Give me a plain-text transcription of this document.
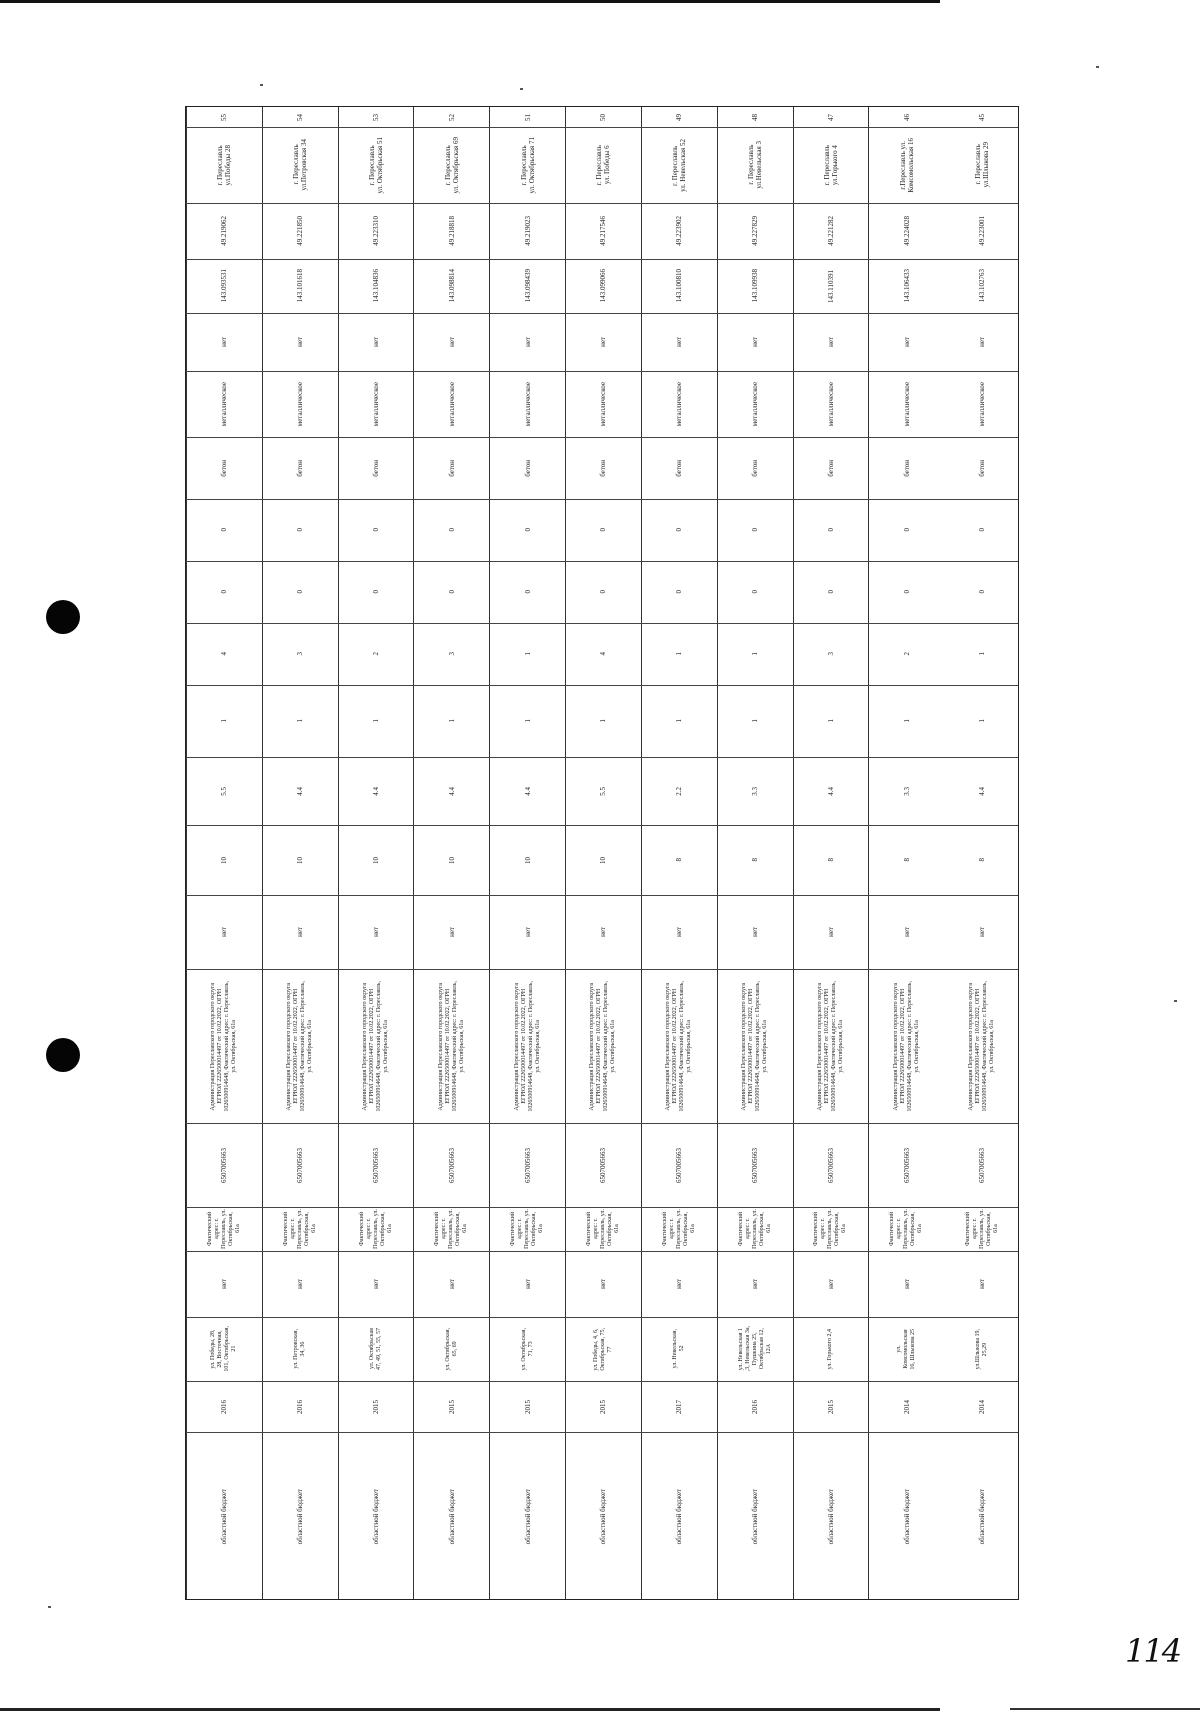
45
г. Переславль
ул.Шлыкова 29
49.223001
143.102763
нет
металлическое
бетон
0
0
1
1
4.4
8
нет
Администрация Переславского городского округа
ЕГРЮЛ 2226500014497 от 10.02.2022, ОГРН
1026500914648, Фактический адрес: г. Переславль,
ул. Октябрьская, 61а
6507005663
Фактический
адрес: г.
Переславль, ул.
Октябрьская,
61а
нет
ул.Шлыкова 19,
25,29
2014
областной бюджет
46
г.Переславль ул.
Комсомольская 16
49.224028
143.106433
нет
металлическое
бетон
0
0
2
1
3.3
8
нет
Администрация Переславского городского округа
ЕГРЮЛ 2226500014497 от 10.02.2022, ОГРН
1026500914648, Фактический адрес: г. Переславль,
ул. Октябрьская, 61а
6507005663
Фактический
адрес: г.
Переславль, ул.
Октябрьская,
61а
нет
ул.
Комсомольская
16, Шлыкова 25
2014
областной бюджет
47
г. Переславль
ул.Горького 4
49.221282
143.110391
нет
металлическое
бетон
0
0
3
1
4.4
8
нет
Администрация Переславского городского округа
ЕГРЮЛ 2226500014497 от 10.02.2022, ОГРН
1026500914648, Фактический адрес: г. Переславль,
ул. Октябрьская, 61а
6507005663
Фактический
адрес: г.
Переславль, ул.
Октябрьская,
61а
нет
ул. Горького 2,4
2015
областной бюджет
48
г. Переславль
ул.Невельская 3
49.227829
143.109938
нет
металлическое
бетон
0
0
1
1
3.3
8
нет
Администрация Переславского городского округа
ЕГРЮЛ 2226500014497 от 10.02.2022, ОГРН
1026500914648, Фактический адрес: г. Переславль,
ул. Октябрьская, 61а
6507005663
Фактический
адрес: г.
Переславль, ул.
Октябрьская,
61а
нет
ул. Невельская 1
,3, Невельская 3а,
Пушкина 25,
Октябрьская 12,
12А
2016
областной бюджет
49
г. Переславль
ул. Невельская 52
49.223902
143.100810
нет
металлическое
бетон
0
0
1
1
2.2
8
нет
Администрация Переславского городского округа
ЕГРЮЛ 2226500014497 от 10.02.2022, ОГРН
1026500914648, Фактический адрес: г. Переславль,
ул. Октябрьская, 61а
6507005663
Фактический
адрес: г.
Переславль, ул.
Октябрьская,
61а
нет
ул. Невельская,
52
2017
областной бюджет
50
г. Переславль
ул. Победы 6
49.217546
143.099066
нет
металлическое
бетон
0
0
4
1
5.5
10
нет
Администрация Переславского городского округа
ЕГРЮЛ 2226500014497 от 10.02.2022, ОГРН
1026500914648, Фактический адрес: г. Переславль,
ул. Октябрьская, 61а
6507005663
Фактический
адрес: г.
Переславль, ул.
Октябрьская,
61а
нет
ул. Победы, 4, 6,
Октябрьская, 75,
77
2015
областной бюджет
51
г. Переславль
ул. Октябрьская 71
49.219023
143.098439
нет
металлическое
бетон
0
0
1
1
4.4
10
нет
Администрация Переславского городского округа
ЕГРЮЛ 2226500014497 от 10.02.2022, ОГРН
1026500914648, Фактический адрес: г. Переславль,
ул. Октябрьская, 61а
6507005663
Фактический
адрес: г.
Переславль, ул.
Октябрьская,
61а
нет
ул. Октябрьская,
71, 73
2015
областной бюджет
52
г. Переславль
ул. Октябрьская 69
49.218818
143.098814
нет
металлическое
бетон
0
0
3
1
4.4
10
нет
Администрация Переславского городского округа
ЕГРЮЛ 2226500014497 от 10.02.2022, ОГРН
1026500914648, Фактический адрес: г. Переславль,
ул. Октябрьская, 61а
6507005663
Фактический
адрес: г.
Переславль, ул.
Октябрьская,
61а
нет
ул. Октябрьская,
65, 69
2015
областной бюджет
53
г. Переславль
ул. Октябрьская 51
49.223310
143.104836
нет
металлическое
бетон
0
0
2
1
4.4
10
нет
Администрация Переславского городского округа
ЕГРЮЛ 2226500014497 от 10.02.2022, ОГРН
1026500914648, Фактический адрес: г. Переславль,
ул. Октябрьская, 61а
6507005663
Фактический
адрес: г.
Переславль, ул.
Октябрьская,
61а
нет
ул. Октябрьская
47, 49, 51, 55, 57
2015
областной бюджет
54
г. Переславль
ул.Петровская 34
49.221850
143.101618
нет
металлическое
бетон
0
0
3
1
4.4
10
нет
Администрация Переславского городского округа
ЕГРЮЛ 2226500014497 от 10.02.2022, ОГРН
1026500914648, Фактический адрес: г. Переславль,
ул. Октябрьская, 61а
6507005663
Фактический
адрес: г.
Переславль, ул.
Октябрьская,
61а
нет
ул. Петровская,
34, 36
2016
областной бюджет
55
г. Переславль
ул.Победы 28
49.219062
143.093531
нет
металлическое
бетон
0
0
4
1
5.5
10
нет
Администрация Переславского городского округа
ЕГРЮЛ 2226500014497 от 10.02.2022, ОГРН
1026500914648, Фактический адрес: г. Переславль,
ул. Октябрьская, 61а
6507005663
Фактический
адрес: г.
Переславль, ул.
Октябрьская,
61а
нет
ул. Победы, 28,
28, Восточная,
101, Октябрьская,
21
2016
областной бюджет
114
